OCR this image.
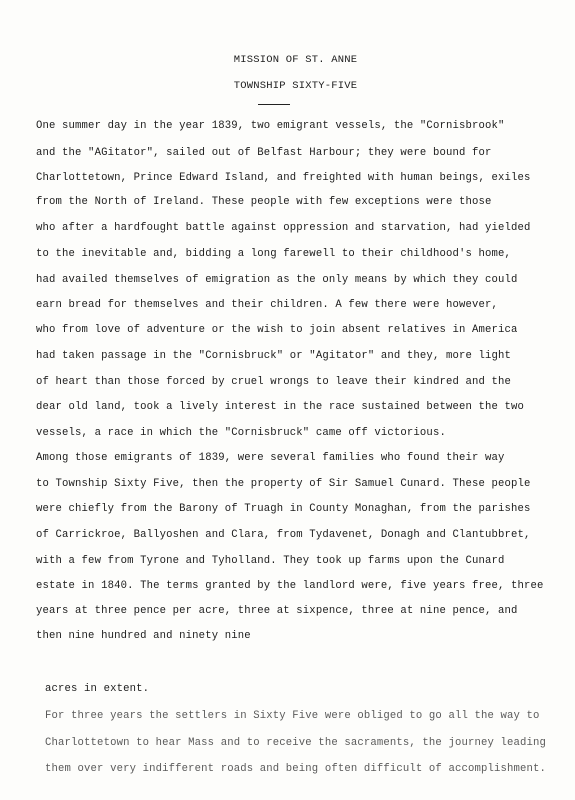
MISSION OF ST. ANNE
TOWNSHIP SIXTY-FIVE
One summer day in the year 1839, two emigrant vessels, the "Cornisbrook"
and the "AGitator", sailed out of Belfast Harbour; they were bound for
Charlottetown, Prince Edward Island, and freighted with human beings, exiles
from the North of Ireland. These people with few exceptions were those
who after a hardfought battle against oppression and starvation, had yielded
to the inevitable and, bidding a long farewell to their childhood's home,
had availed themselves of emigration as the only means by which they could
earn bread for themselves and their children. A few there were however,
who from love of adventure or the wish to join absent relatives in America
had taken passage in the "Cornisbruck" or "Agitator" and they, more light
of heart than those forced by cruel wrongs to leave their kindred and the
dear old land, took a lively interest in the race sustained between the two
vessels, a race in which the "Cornisbruck" came off victorious.
Among those emigrants of 1839, were several families who found their way
to Township Sixty Five, then the property of Sir Samuel Cunard. These people
were chiefly from the Barony of Truagh in County Monaghan, from the parishes
of Carrickroe, Ballyoshen and Clara, from Tydavenet, Donagh and Clantubbret,
with a few from Tyrone and Tyholland. They took up farms upon the Cunard
estate in 1840. The terms granted by the landlord were, five years free, three
years at three pence per acre, three at sixpence, three at nine pence, and
then nine hundred and ninety nine
acres in extent.
For three years the settlers in Sixty Five were obliged to go all the way to
Charlottetown to hear Mass and to receive the sacraments, the journey leading
them over very indifferent roads and being often difficult of accomplishment.
